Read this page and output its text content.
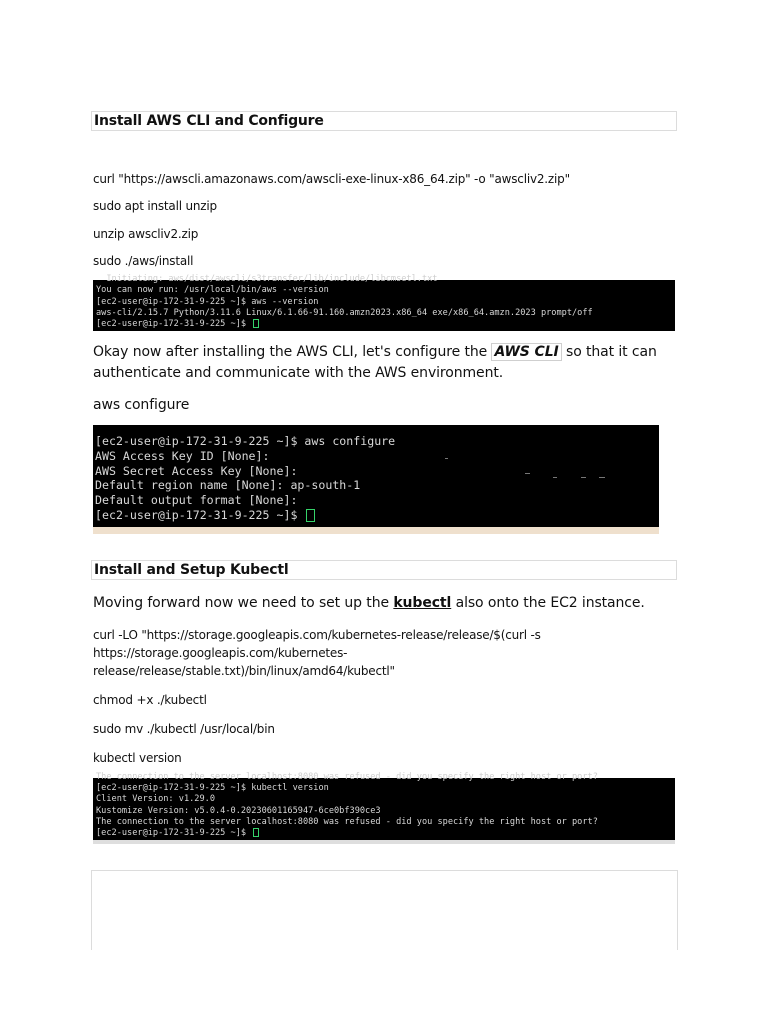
Install AWS CLI and Configure
curl "https://awscli.amazonaws.com/awscli-exe-linux-x86_64.zip" -o "awscliv2.zip"
sudo apt install unzip
unzip awscliv2.zip
sudo ./aws/install
Initiating: aws/dist/awscli/s3transfer/lib/include/libcmsetl.txt
You can now run: /usr/local/bin/aws --version
[ec2-user@ip-172-31-9-225 ~]$ aws --version
aws-cli/2.15.7 Python/3.11.6 Linux/6.1.66-91.160.amzn2023.x86_64 exe/x86_64.amzn.2023 prompt/off
[ec2-user@ip-172-31-9-225 ~]$
Okay now after installing the AWS CLI, let's configure the AWS CLI so that it can authenticate and communicate with the AWS environment.
aws configure
[ec2-user@ip-172-31-9-225 ~]$ aws configure
AWS Access Key ID [None]:
AWS Secret Access Key [None]:
Default region name [None]: ap-south-1
Default output format [None]:
[ec2-user@ip-172-31-9-225 ~]$
Install and Setup Kubectl
Moving forward now we need to set up the kubectl also onto the EC2 instance.
curl -LO "https://storage.googleapis.com/kubernetes-release/release/$(curl -s https://storage.googleapis.com/kubernetes-release/release/stable.txt)/bin/linux/amd64/kubectl"
chmod +x ./kubectl
sudo mv ./kubectl /usr/local/bin
kubectl version
The connection to the server localhost:8080 was refused - did you specify the right host or port?
[ec2-user@ip-172-31-9-225 ~]$ kubectl version
Client Version: v1.29.0
Kustomize Version: v5.0.4-0.20230601165947-6ce0bf390ce3
The connection to the server localhost:8080 was refused - did you specify the right host or port?
[ec2-user@ip-172-31-9-225 ~]$
